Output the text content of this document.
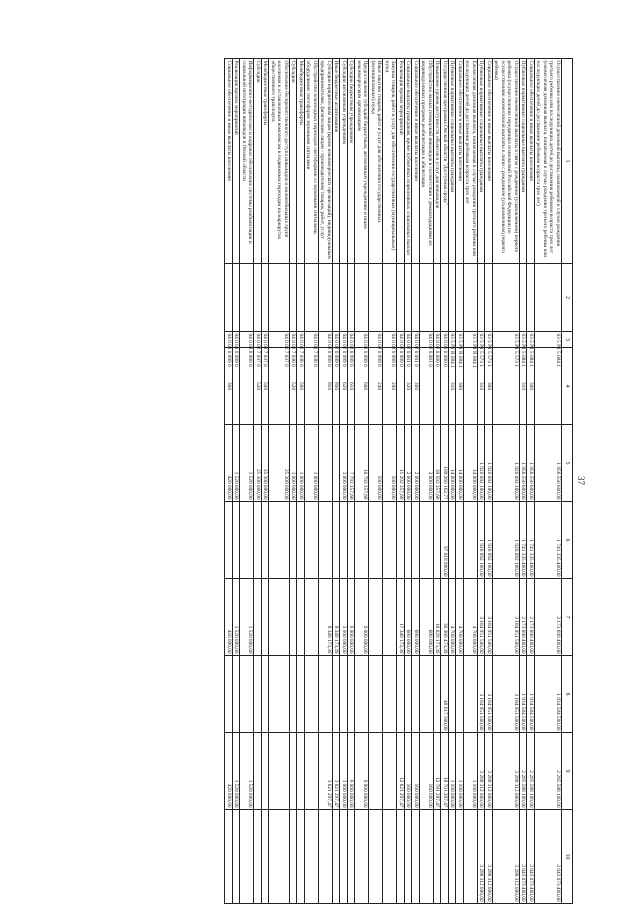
37
1	2	3	4	5	6	7	8	9	10
Осуществление ежемесячной денежной выплаты, назначаемой в случае рождения третьего ребенка или последующих детей до достижения ребенком возраста трех лет (ежемесячная денежная выплата, назначаемая в случае рождения третьего ребенка или последующих детей до достижения ребенком возраста трех лет)		03 5 P1 5 084 1		1 956 556 600,00	1 741 335 400,00	2 173 690 400,00	1 934 584 500,00	2 295 588 100,00	2 043 073 400,00
Социальное обеспечение и иные выплаты населению		03 5 P1 5 084 1	300	1 956 556 600,00	1 741 335 400,00	2 173 690 400,00	1 934 584 500,00	2 295 588 100,00	2 043 073 400,00
Публичные нормативные социальные выплаты гражданам		03 5 P1 5 084 1	310	1 956 556 600,00	1 741 335 400,00	2 173 690 400,00	1 934 584 500,00	2 295 588 100,00	2 043 073 400,00
Осуществление ежемесячной выплаты в связи с рождением (усыновлением) первого ребенка (осуществление переданных полномочий Российской Федерации по осуществлению ежемесячной выплаты в связи с рождением (усыновлением) первого ребенка)		03 5 P1 5 573 1		1 920 092 100,00	1 920 092 100,00	3 184 951 500,00	3 184 951 500,00	3 298 312 000,00	3 298 312 000,00
Социальное обеспечение и иные выплаты населению		03 5 P1 5 573 1	300	1 920 092 100,00	1 920 092 100,00	3 184 951 500,00	3 184 951 500,00	3 298 312 000,00	3 298 312 000,00
Публичные нормативные социальные выплаты гражданам		03 5 P1 5 573 1	310	1 920 092 100,00	1 920 092 100,00	3 184 951 500,00	3 184 951 500,00	3 298 312 000,00	3 298 312 000,00
Ежемесячная денежная выплата, назначаемая в случае рождения третьего ребенка или последующих детей до достижения ребенком возраста трех лет		03 5 P1 R 084 1		14 000 000,00		4 700 000,00		1 100 000,00	
Социальное обеспечение и иные выплаты населению		03 5 P1 R 084 1	300	14 000 000,00		4 700 000,00		1 100 000,00	
Публичные нормативные социальные выплаты гражданам		03 5 P1 R 084 1	310	14 000 000,00		4 700 000,00		1 100 000,00	
Государственная программа Омской области "Доступная среда"		04 0 00 0 000 0		199 260 162,77	97 018 900,00	30 366 473,39	48 617 300,00	18 701 297,47	
Повышение уровня доступности объектов и услуг для инвалидов		04 0 02 0 000 0		39 592 357,68		18 029 173,39		12 781 297,47	
Обустройство жилых помещений инвалидов в соответствии с рекомендациями их индивидуальных программ реабилитации и абилитации		04 0 02 0 001 0		2 000 000,00		680 000,00		160 000,00	
Социальное обеспечение и иные выплаты населению		04 0 02 0 001 0	300	2 000 000,00		680 000,00		160 000,00	
Социальные выплаты гражданам, кроме публичных нормативных социальных выплат		04 0 02 0 001 0	320	2 000 000,00		680 000,00		160 000,00	
Реализация прочих мероприятий		04 0 02 0 999 0		11 292 357,68		17 349 173,39		12 621 297,47	
Закупка товаров, работ и услуг для обеспечения государственных (муниципальных) нужд		04 0 02 0 999 0	200	500 000,00					
Иные закупки товаров, работ и услуг для обеспечения государственных (муниципальных) нужд		04 0 02 0 999 0	240	500 000,00					
Предоставление субсидий бюджетным, автономным учреждениям и иным некоммерческим организациям		04 0 02 0 999 0	600	10 792 357,68		9 000 000,00		9 000 000,00	
Субсидии бюджетным учреждениям		04 0 02 0 999 0	610	7 792 357,68		6 000 000,00		6 000 000,00	
Субсидии автономным учреждениям		04 0 02 0 999 0	620	3 000 000,00		3 000 000,00		3 000 000,00	
Иные бюджетные ассигнования		04 0 02 0 999 0	800			8 349 173,39		3 621 297,47	
Субсидии юридическим лицам (кроме некоммерческих организаций), индивидуальным предпринимателям, физическим лицам - производителям товаров, работ, услуг		04 0 02 0 999 0	810			8 349 173,39		3 621 297,47	
Обустройство пешеходных переходов светофорами со звуковыми сигналами, оборудование светофоров звуковыми сигналами		04 0 02 7 036 0		1 000 000,00					
Межбюджетные трансферты		04 0 02 7 036 0	500	1 000 000,00					
Субсидии		04 0 02 7 036 0	520	1 000 000,00					
Обеспечение беспрепятственного доступа инвалидов и маломобильных групп населения к остановочным комплексам и подвижным переходам на маршрутах общественного транспорта		04 0 02 7 037 0		25 300 000,00					
Межбюджетные трансферты		04 0 02 7 037 0	500	25 300 000,00					
Субсидии		04 0 02 7 037 0	520	25 300 000,00					
Информационно-методическое и кадровое обеспечение системы реабилитации и социальной интеграции инвалидов в Омской области		04 0 03 0 000 0		1 520 000,00		1 520 000,00		1 520 000,00	
Реализация прочих мероприятий		04 0 03 0 999 0		1 520 000,00		1 520 000,00		1 520 000,00	
Социальное обеспечение и иные выплаты населению		04 0 03 0 999 0	300	420 000,00		420 000,00		420 000,00	
